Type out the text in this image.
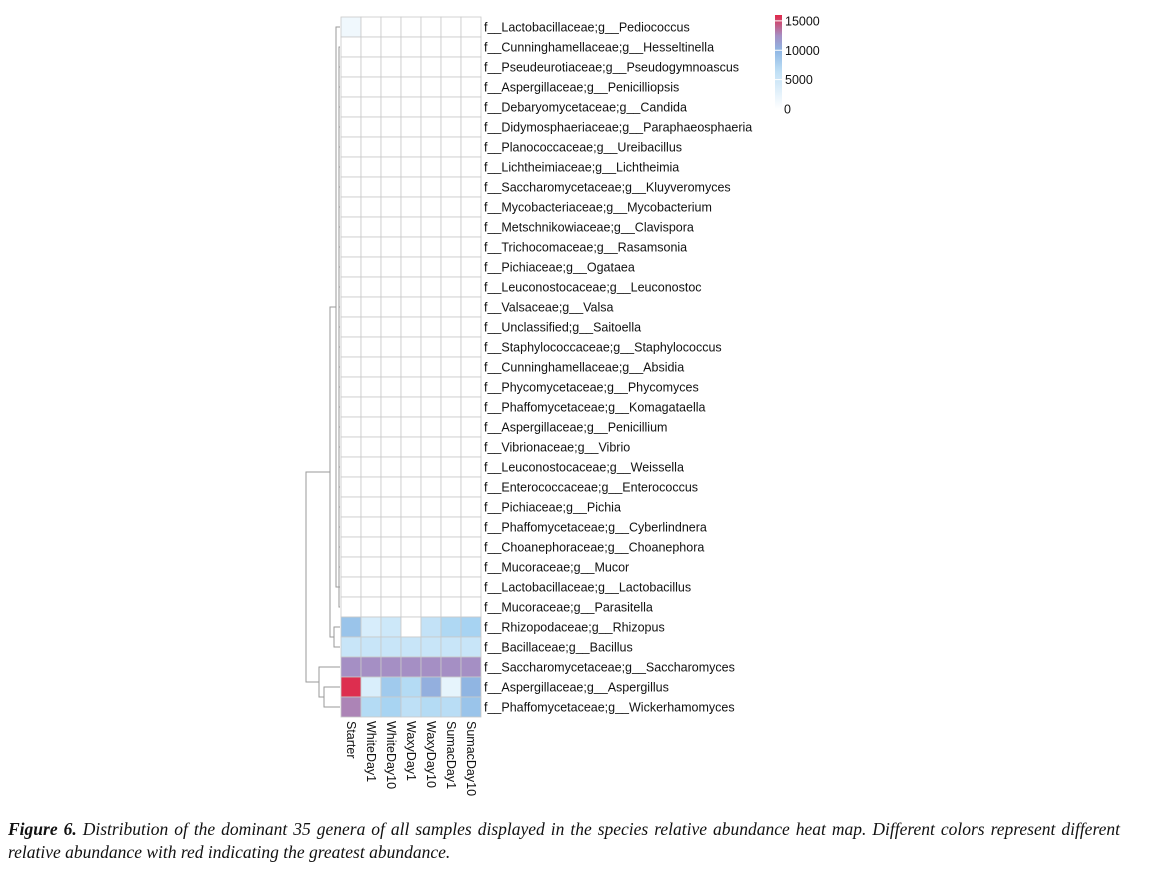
f__Lactobacillaceae;g__Pediococcus
f__Cunninghamellaceae;g__Hesseltinella
f__Pseudeurotiaceae;g__Pseudogymnoascus
f__Aspergillaceae;g__Penicilliopsis
f__Debaryomycetaceae;g__Candida
f__Didymosphaeriaceae;g__Paraphaeosphaeria
f__Planococcaceae;g__Ureibacillus
f__Lichtheimiaceae;g__Lichtheimia
f__Saccharomycetaceae;g__Kluyveromyces
f__Mycobacteriaceae;g__Mycobacterium
f__Metschnikowiaceae;g__Clavispora
f__Trichocomaceae;g__Rasamsonia
f__Pichiaceae;g__Ogataea
f__Leuconostocaceae;g__Leuconostoc
f__Valsaceae;g__Valsa
f__Unclassified;g__Saitoella
f__Staphylococcaceae;g__Staphylococcus
f__Cunninghamellaceae;g__Absidia
f__Phycomycetaceae;g__Phycomyces
f__Phaffomycetaceae;g__Komagataella
f__Aspergillaceae;g__Penicillium
f__Vibrionaceae;g__Vibrio
f__Leuconostocaceae;g__Weissella
f__Enterococcaceae;g__Enterococcus
f__Pichiaceae;g__Pichia
f__Phaffomycetaceae;g__Cyberlindnera
f__Choanephoraceae;g__Choanephora
f__Mucoraceae;g__Mucor
f__Lactobacillaceae;g__Lactobacillus
f__Mucoraceae;g__Parasitella
f__Rhizopodaceae;g__Rhizopus
f__Bacillaceae;g__Bacillus
f__Saccharomycetaceae;g__Saccharomyces
f__Aspergillaceae;g__Aspergillus
f__Phaffomycetaceae;g__Wickerhamomyces
Starter WhiteDay1 WhiteDay10 WaxyDay1 WaxyDay10 SumacDay1 SumacDay10
15000
10000
5000
0
Figure 6. Distribution of the dominant 35 genera of all samples displayed in the species relative abundance heat map. Different colors represent different relative abundance with red indicating the greatest abundance.
